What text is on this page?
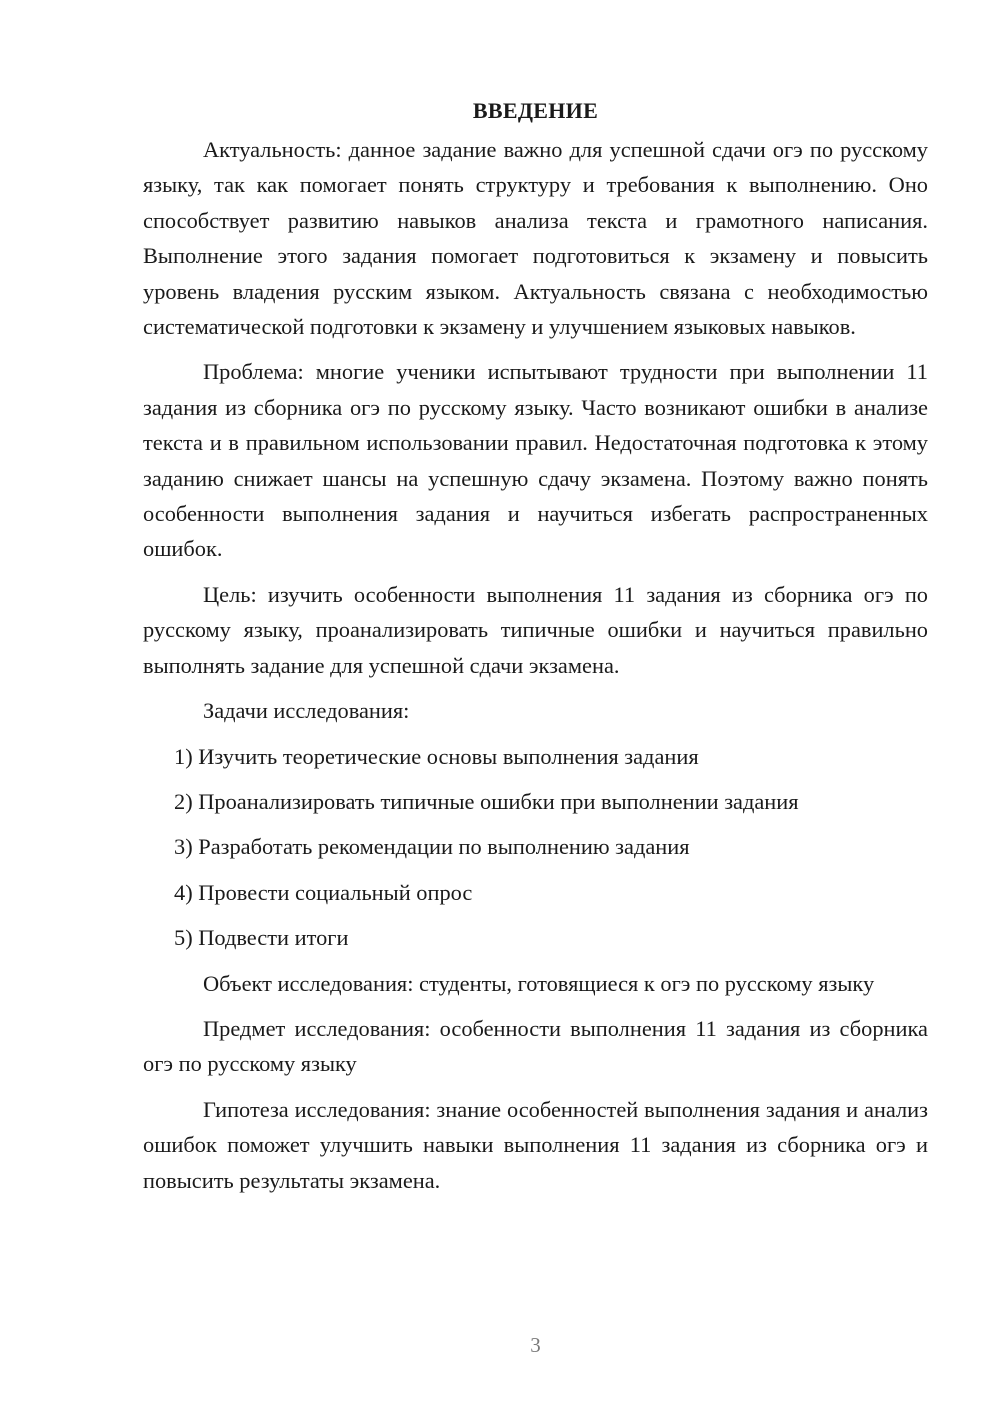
ВВЕДЕНИЕ

Актуальность: данное задание важно для успешной сдачи огэ по русскому языку, так как помогает понять структуру и требования к выполнению. Оно способствует развитию навыков анализа текста и грамотного написания. Выполнение этого задания помогает подготовиться к экзамену и повысить уровень владения русским языком. Актуальность связана с необходимостью систематической подготовки к экзамену и улучшением языковых навыков.

Проблема: многие ученики испытывают трудности при выполнении 11 задания из сборника огэ по русскому языку. Часто возникают ошибки в анализе текста и в правильном использовании правил. Недостаточная подготовка к этому заданию снижает шансы на успешную сдачу экзамена. Поэтому важно понять особенности выполнения задания и научиться избегать распространенных ошибок.

Цель: изучить особенности выполнения 11 задания из сборника огэ по русскому языку, проанализировать типичные ошибки и научиться правильно выполнять задание для успешной сдачи экзамена.

Задачи исследования:

1) Изучить теоретические основы выполнения задания
2) Проанализировать типичные ошибки при выполнении задания
3) Разработать рекомендации по выполнению задания
4) Провести социальный опрос
5) Подвести итоги

Объект исследования: студенты, готовящиеся к огэ по русскому языку

Предмет исследования: особенности выполнения 11 задания из сборника огэ по русскому языку

Гипотеза исследования: знание особенностей выполнения задания и анализ ошибок поможет улучшить навыки выполнения 11 задания из сборника огэ и повысить результаты экзамена.

3
